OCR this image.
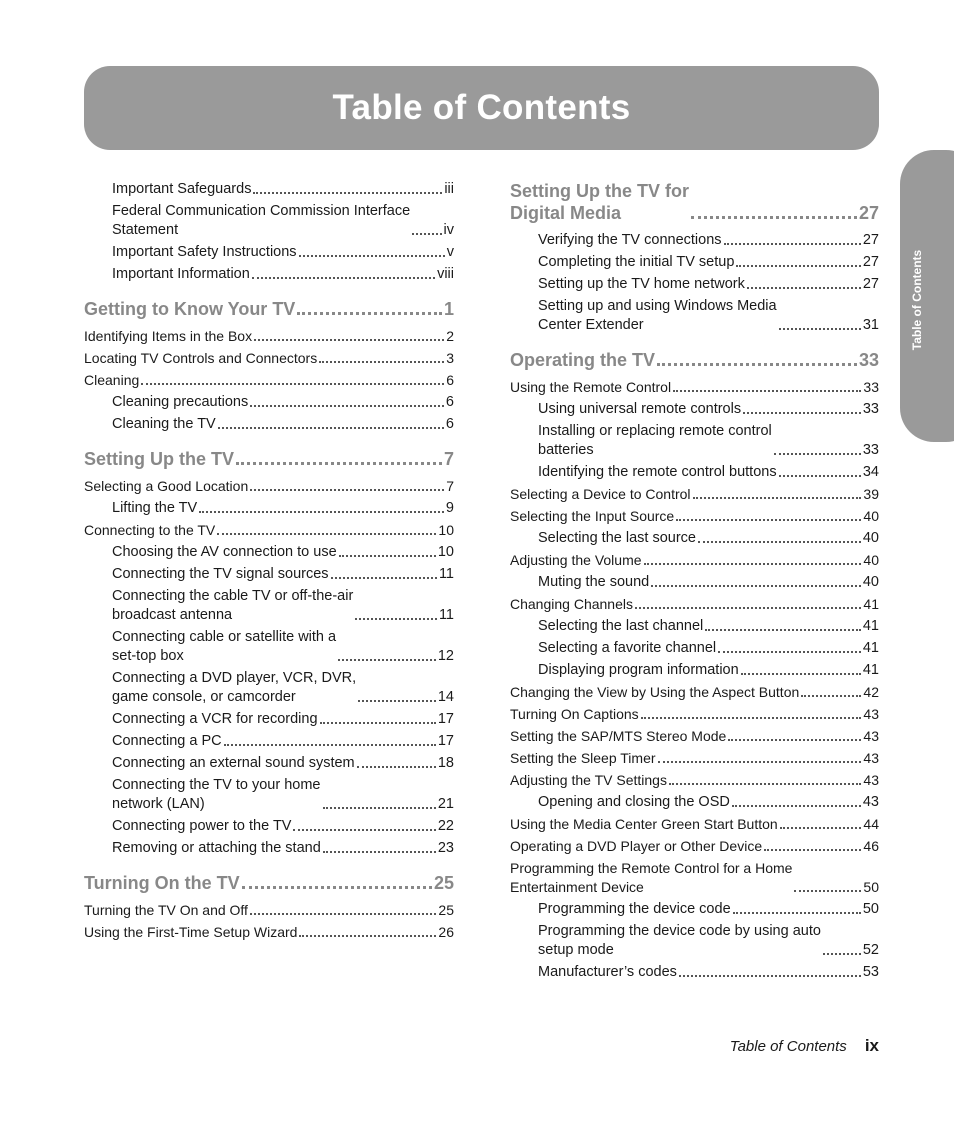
Table of Contents
Table of Contents
Important Safeguards	iii
Federal Communication Commission Interface
Statement	iv
Important Safety Instructions	v
Important Information	viii
Getting to Know Your TV	1
Identifying Items in the Box	2
Locating TV Controls and Connectors	3
Cleaning	6
Cleaning precautions	6
Cleaning the TV	6
Setting Up the TV	7
Selecting a Good Location	7
Lifting the TV	9
Connecting to the TV	10
Choosing the AV connection to use	10
Connecting the TV signal sources	11
Connecting the cable TV or off-the-air
broadcast antenna	11
Connecting cable or satellite with a
set-top box	12
Connecting a DVD player, VCR, DVR,
game console, or camcorder	14
Connecting a VCR for recording	17
Connecting a PC	17
Connecting an external sound system	18
Connecting the TV to your home
network (LAN)	21
Connecting power to the TV	22
Removing or attaching the stand	23
Turning On the TV	25
Turning the TV On and Off	25
Using the First-Time Setup Wizard	26
Setting Up the TV for
Digital Media	27
Verifying the TV connections	27
Completing the initial TV setup	27
Setting up the TV home network	27
Setting up and using Windows Media
Center Extender	31
Operating the TV	33
Using the Remote Control	33
Using universal remote controls	33
Installing or replacing remote control
batteries	33
Identifying the remote control buttons	34
Selecting a Device to Control	39
Selecting the Input Source	40
Selecting the last source	40
Adjusting the Volume	40
Muting the sound	40
Changing Channels	41
Selecting the last channel	41
Selecting a favorite channel	41
Displaying program information	41
Changing the View by Using the Aspect Button	42
Turning On Captions	43
Setting the SAP/MTS Stereo Mode	43
Setting the Sleep Timer	43
Adjusting the TV Settings	43
Opening and closing the OSD	43
Using the Media Center Green Start Button	44
Operating a DVD Player or Other Device	46
Programming the Remote Control for a Home
Entertainment Device	50
Programming the device code	50
Programming the device code by using auto
setup mode	52
Manufacturer’s codes	53
Table of Contents ix
